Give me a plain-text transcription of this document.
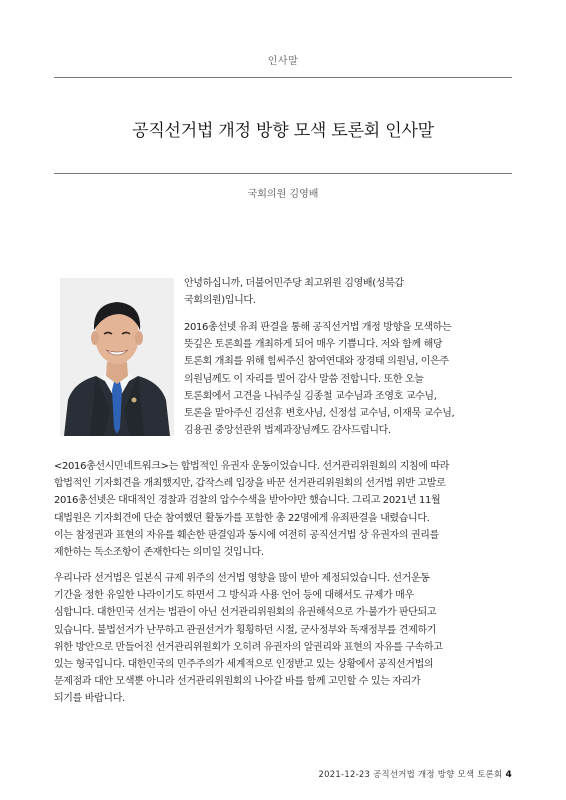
인사말
공직선거법 개정 방향 모색 토론회 인사말
국회의원 김영배
안녕하십니까, 더불어민주당 최고위원 김영배(성북갑
국회의원)입니다.
2016총선넷 유죄 판결을 통해 공직선거법 개정 방향을 모색하는
뜻깊은 토론회를 개최하게 되어 매우 기쁩니다. 저와 함께 해당
토론회 개최를 위해 힘써주신 참여연대와 장경태 의원님, 이은주
의원님께도 이 자리를 빌어 감사 말씀 전합니다. 또한 오늘
토론회에서 고견을 나눠주실 김종철 교수님과 조영호 교수님,
토론을 맡아주신 김선휴 변호사님, 신정섭 교수님, 이재묵 교수님,
김용권 중앙선관위 법제과장님께도 감사드립니다.
<2016총선시민네트워크>는 합법적인 유권자 운동이었습니다. 선거관리위원회의 지침에 따라
합법적인 기자회견을 개최했지만, 갑작스레 입장을 바꾼 선거관리위원회의 선거법 위반 고발로
2016총선넷은 대대적인 경찰과 검찰의 압수수색을 받아야만 했습니다. 그리고 2021년 11월
대법원은 기자회견에 단순 참여했던 활동가를 포함한 총 22명에게 유죄판결을 내렸습니다.
이는 참정권과 표현의 자유를 훼손한 판결임과 동시에 여전히 공직선거법 상 유권자의 권리를
제한하는 독소조항이 존재한다는 의미일 것입니다.
우리나라 선거법은 일본식 규제 위주의 선거법 영향을 많이 받아 제정되었습니다. 선거운동
기간을 정한 유일한 나라이기도 하면서 그 방식과 사용 언어 등에 대해서도 규제가 매우
심합니다. 대한민국 선거는 법관이 아닌 선거관리위원회의 유권해석으로 가·불가가 판단되고
있습니다. 불법선거가 난무하고 관권선거가 횡횡하던 시절, 군사정부와 독재정부를 견제하기
위한 방안으로 만들어진 선거관리위원회가 오히려 유권자의 알권리와 표현의 자유를 구속하고
있는 형국입니다. 대한민국의 민주주의가 세계적으로 인정받고 있는 상황에서 공직선거법의
문제점과 대안 모색뿐 아니라 선거관리위원회의 나아갈 바를 함께 고민할 수 있는 자리가
되기를 바랍니다.
2021-12-23 공직선거법 개정 방향 모색 토론회 4
